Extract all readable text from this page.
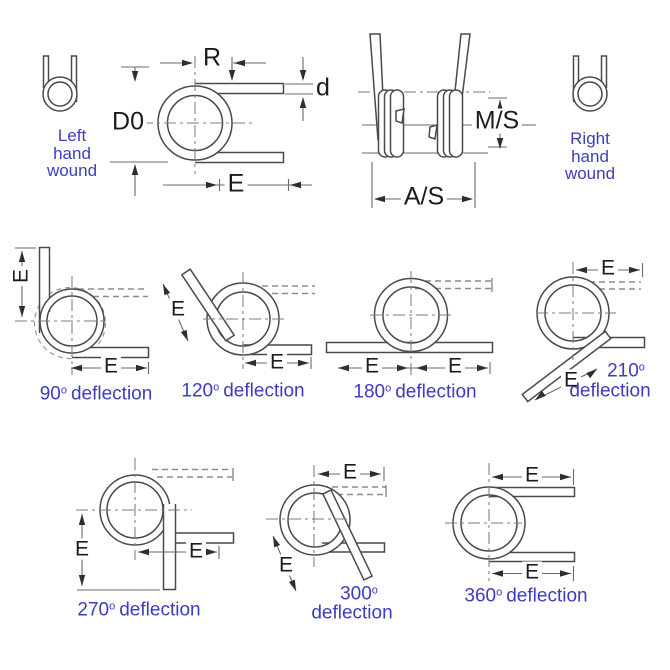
Left hand wound
Right hand wound
R
d
D0
E
M/S
A/S
E
E
E
E	E	E
E
E
E	E
E
E
E
E
90$^o$ deflection 120$^o$ deflection	180$^o$ deflection
210$^o$
deflection
270$^o$ deflection
300$^o$
deflection
360$^o$ deflection
